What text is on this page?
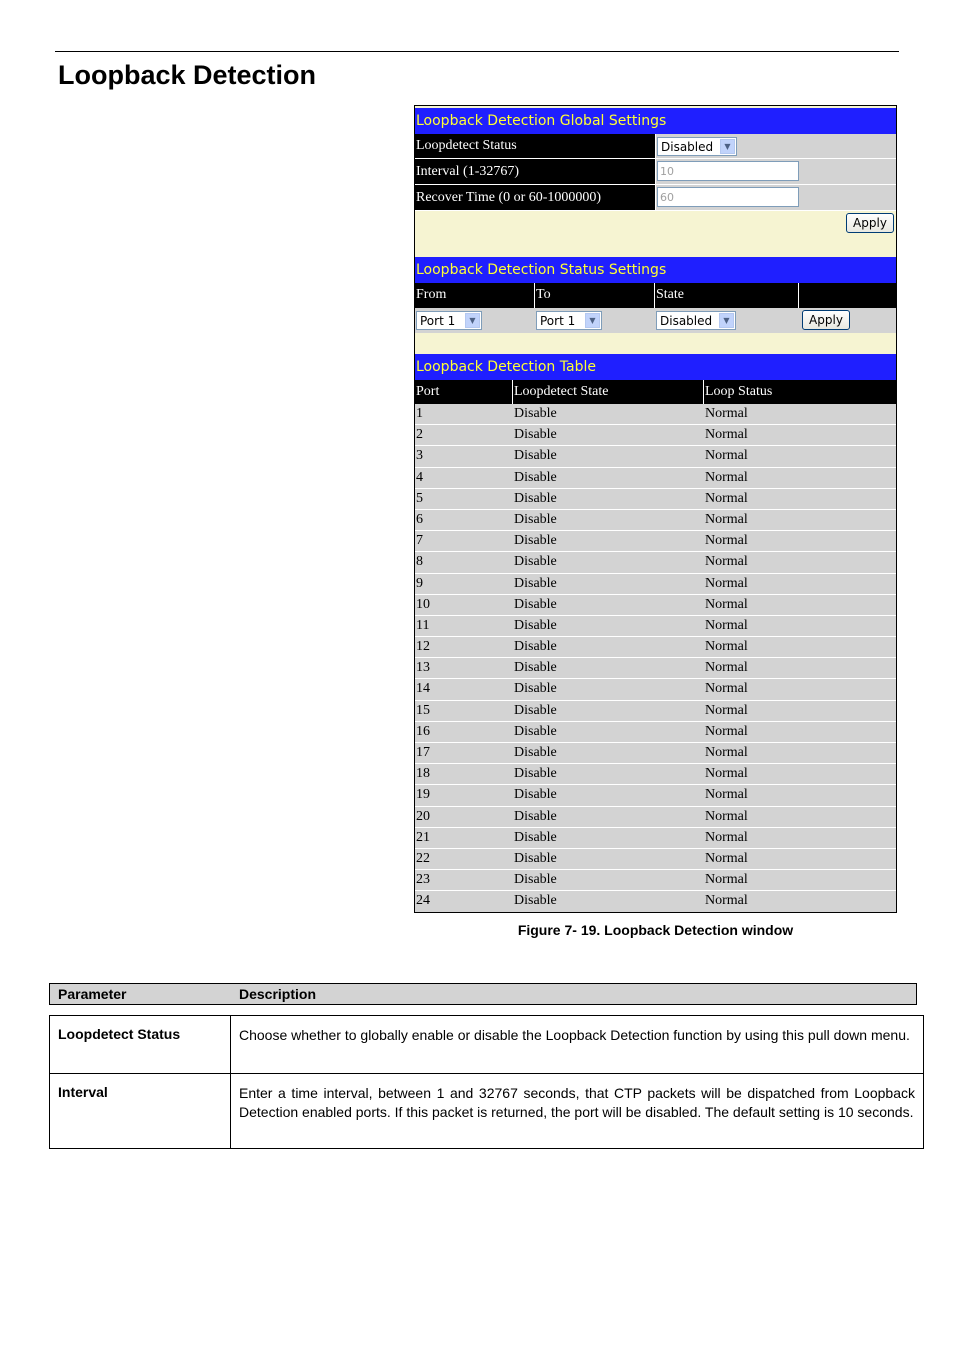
Loopback Detection
Loopback Detection Global Settings
Loopdetect Status	Disabled	▼
Interval (1-32767)	10
Recover Time (0 or 60-1000000)	60
Apply
Loopback Detection Status Settings
From	To	State
Port 1	▼	Port 1	▼	Disabled	▼	Apply
Loopback Detection Table
Port	Loopdetect State	Loop Status
1	Disable	Normal
2	Disable	Normal
3	Disable	Normal
4	Disable	Normal
5	Disable	Normal
6	Disable	Normal
7	Disable	Normal
8	Disable	Normal
9	Disable	Normal
10	Disable	Normal
11	Disable	Normal
12	Disable	Normal
13	Disable	Normal
14	Disable	Normal
15	Disable	Normal
16	Disable	Normal
17	Disable	Normal
18	Disable	Normal
19	Disable	Normal
20	Disable	Normal
21	Disable	Normal
22	Disable	Normal
23	Disable	Normal
24	Disable	Normal
Figure 7- 19. Loopback Detection window
Parameter	Description
Loopdetect Status	Choose whether to globally enable or disable the Loopback Detection function by using this pull down menu.
Interval	Enter a time interval, between 1 and 32767 seconds, that CTP packets will be dispatched from Loopback Detection enabled ports. If this packet is returned, the port will be disabled. The default setting is 10 seconds.
